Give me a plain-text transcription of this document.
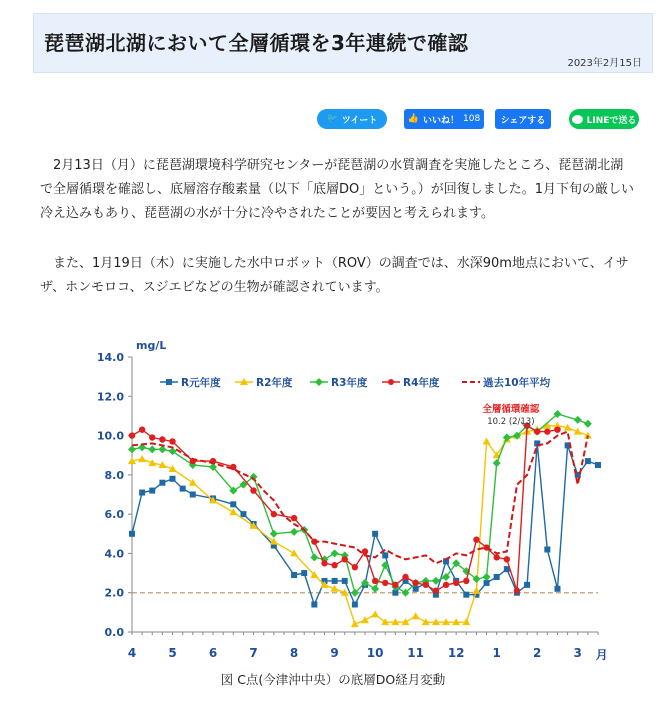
琵琶湖北湖において全層循環を3年連続で確認
2023年2月15日
🐦 ツイート	👍 いいね！ 108 シェアする	LINEで送る

2月13日（月）に琵琶湖環境科学研究センターが琵琶湖の水質調査を実施したところ、琵琶湖北湖で全層循環を確認し、底層溶存酸素量（以下「底層DO」という。）が回復しました。1月下旬の厳しい冷え込みもあり、琵琶湖の水が十分に冷やされたことが要因と考えられます。

また、1月19日（木）に実施した水中ロボット（ROV）の調査では、水深90m地点において、イサザ、ホンモロコ、スジエビなどの生物が確認されています。

0.0
2.0
4.0
6.0
8.0
10.0
12.0
14.0
mg/L
4	5	6	7	8	9 10 11 12 1	2	3 月
R元年度	R2年度	R3年度	R4年度	過去10年平均
全層循環確認
10.2 (2/13)
図 C点(今津沖中央）の底層DO経月変動
